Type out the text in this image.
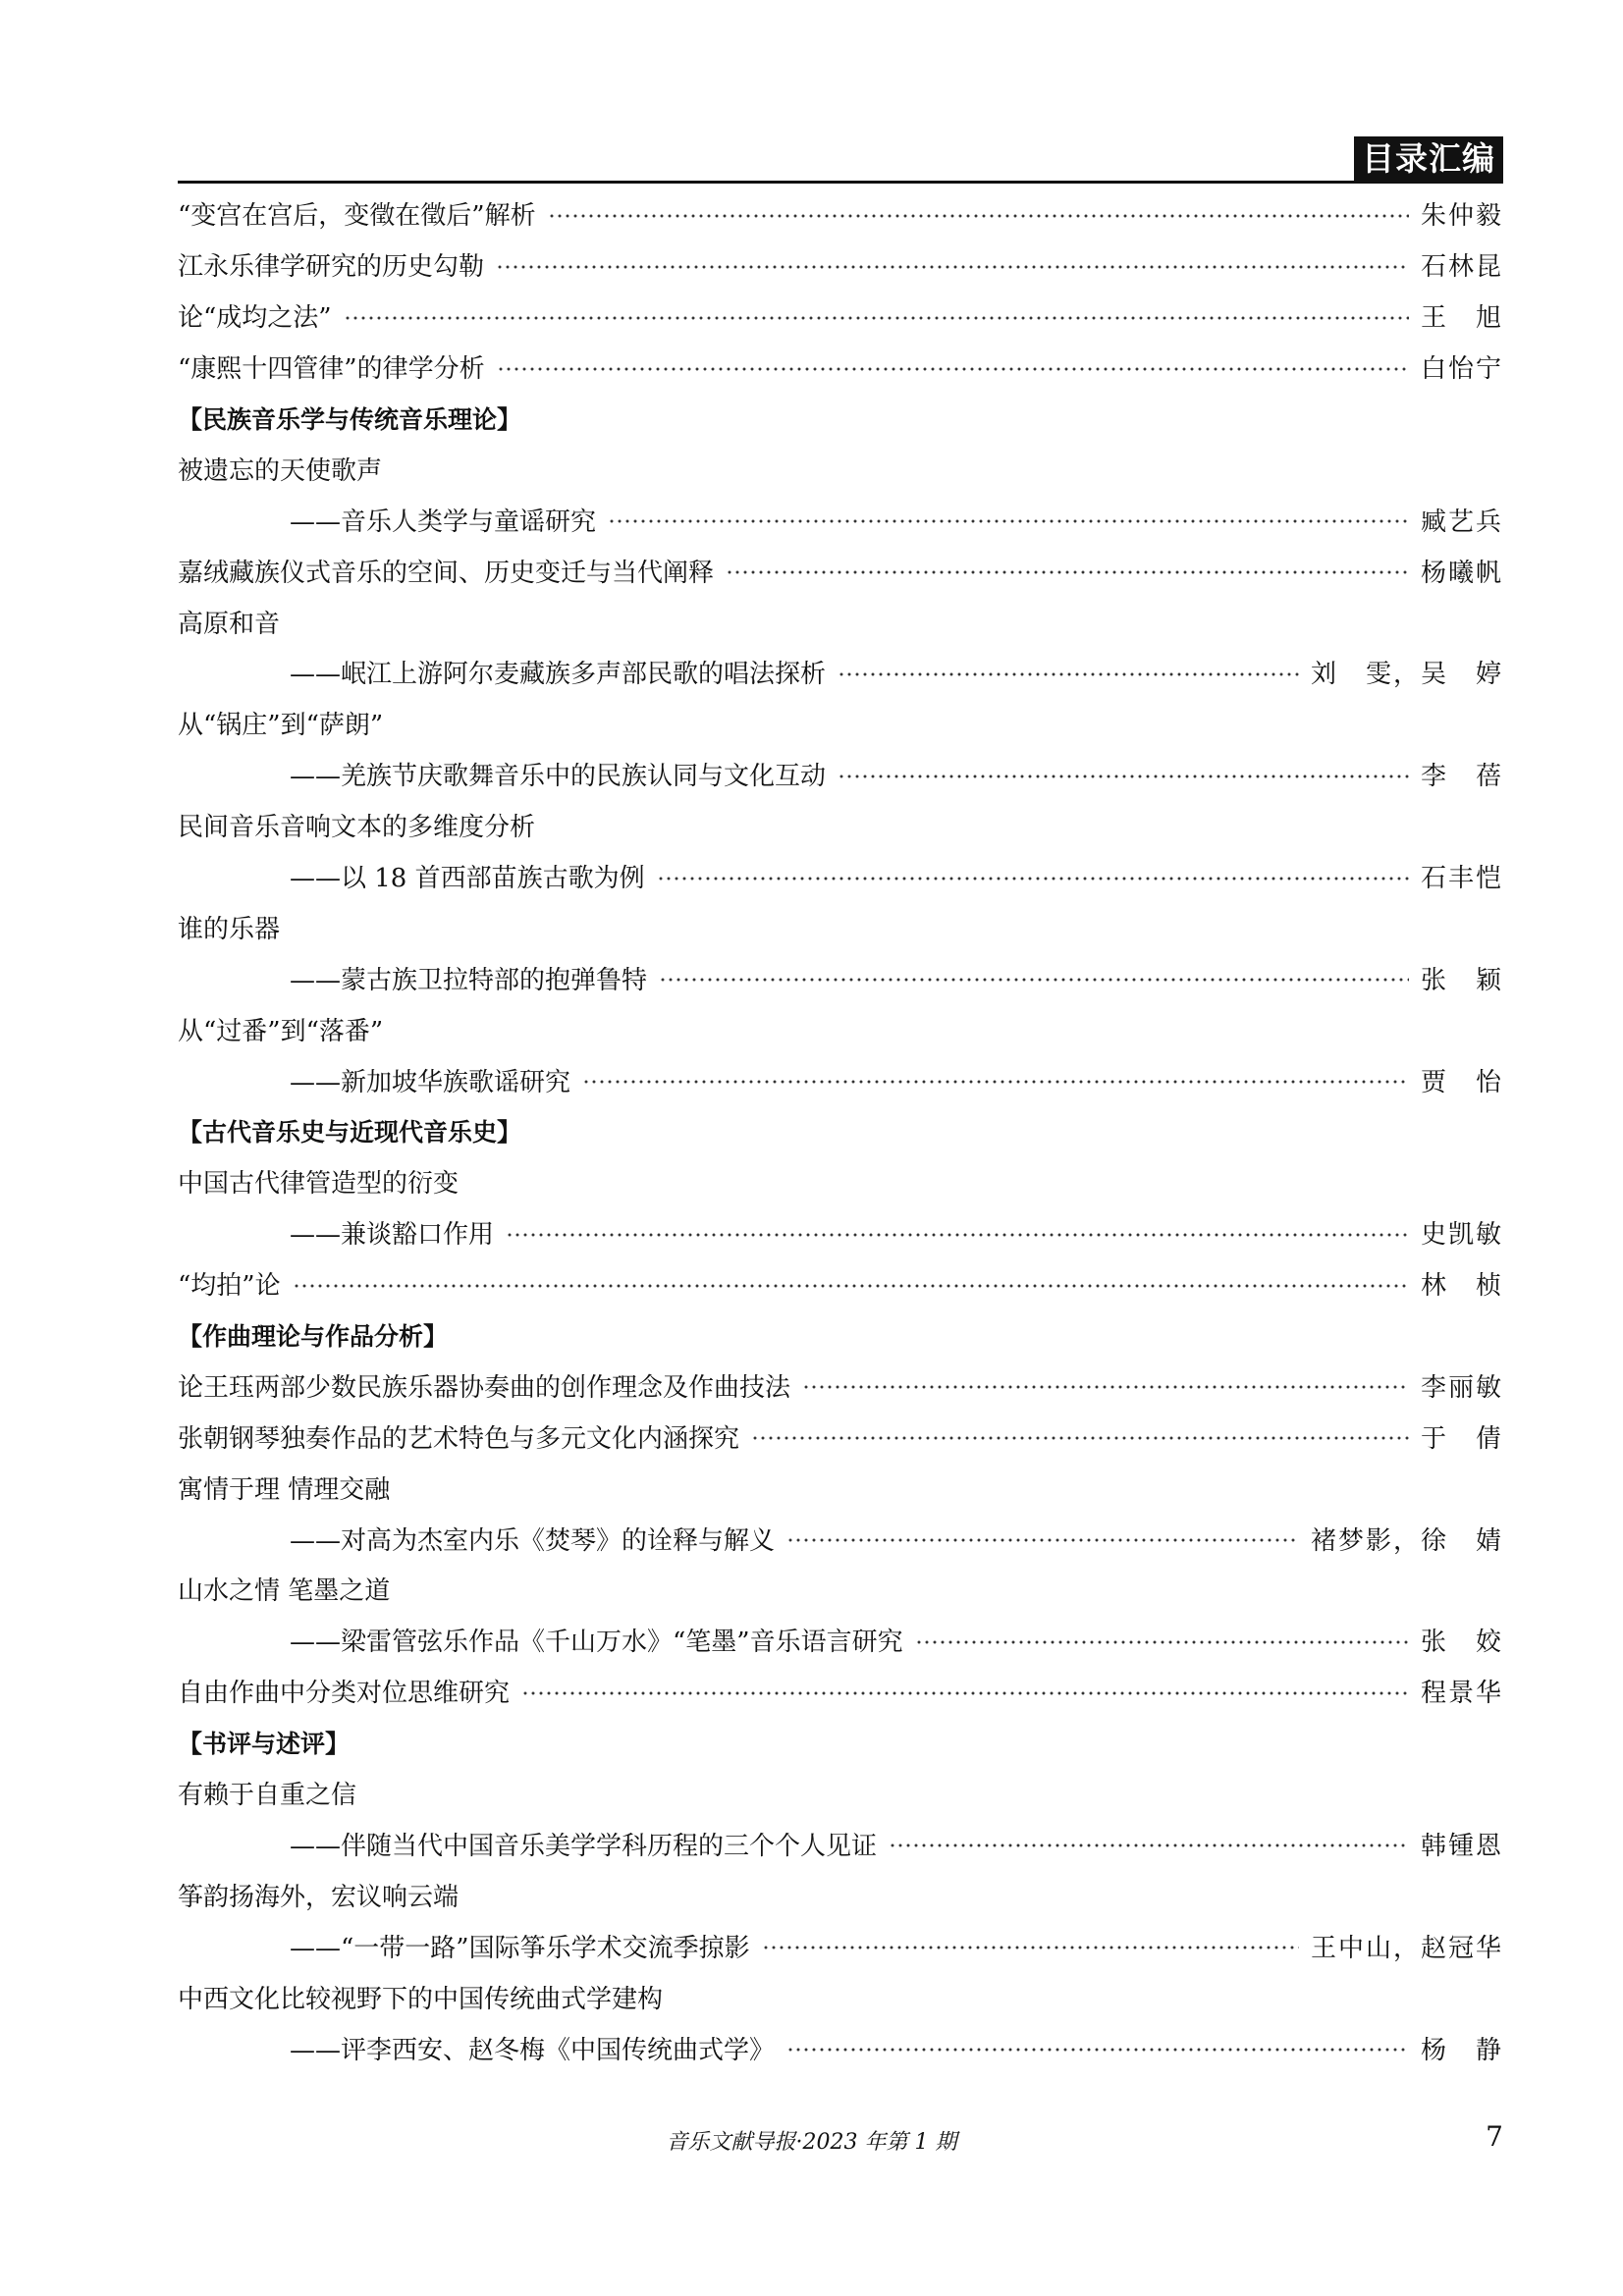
目录汇编
“变宫在宫后，变徵在徵后”解析	朱仲毅
江永乐律学研究的历史勾勒	石林昆
论“成均之法”	王　旭
“康熙十四管律”的律学分析	白怡宁
【民族音乐学与传统音乐理论】
被遗忘的天使歌声
——音乐人类学与童谣研究	臧艺兵
嘉绒藏族仪式音乐的空间、历史变迁与当代阐释	杨曦帆
高原和音
——岷江上游阿尔麦藏族多声部民歌的唱法探析	刘　雯，吴　婷
从“锅庄”到“萨朗”
——羌族节庆歌舞音乐中的民族认同与文化互动	李　蓓
民间音乐音响文本的多维度分析
——以 18 首西部苗族古歌为例	石丰恺
谁的乐器
——蒙古族卫拉特部的抱弹鲁特	张　颖
从“过番”到“落番”
——新加坡华族歌谣研究	贾　怡
【古代音乐史与近现代音乐史】
中国古代律管造型的衍变
——兼谈豁口作用	史凯敏
“均拍”论	林　桢
【作曲理论与作品分析】
论王珏两部少数民族乐器协奏曲的创作理念及作曲技法	李丽敏
张朝钢琴独奏作品的艺术特色与多元文化内涵探究	于　倩
寓情于理 情理交融
——对高为杰室内乐《焚琴》的诠释与解义	褚梦影，徐　婧
山水之情 笔墨之道
——梁雷管弦乐作品《千山万水》“笔墨”音乐语言研究	张　姣
自由作曲中分类对位思维研究	程景华
【书评与述评】
有赖于自重之信
——伴随当代中国音乐美学学科历程的三个个人见证	韩锺恩
筝韵扬海外，宏议响云端
——“一带一路”国际筝乐学术交流季掠影	王中山，赵冠华
中西文化比较视野下的中国传统曲式学建构
——评李西安、赵冬梅《中国传统曲式学》	杨　静
音乐文献导报·2023 年第 1 期	7
